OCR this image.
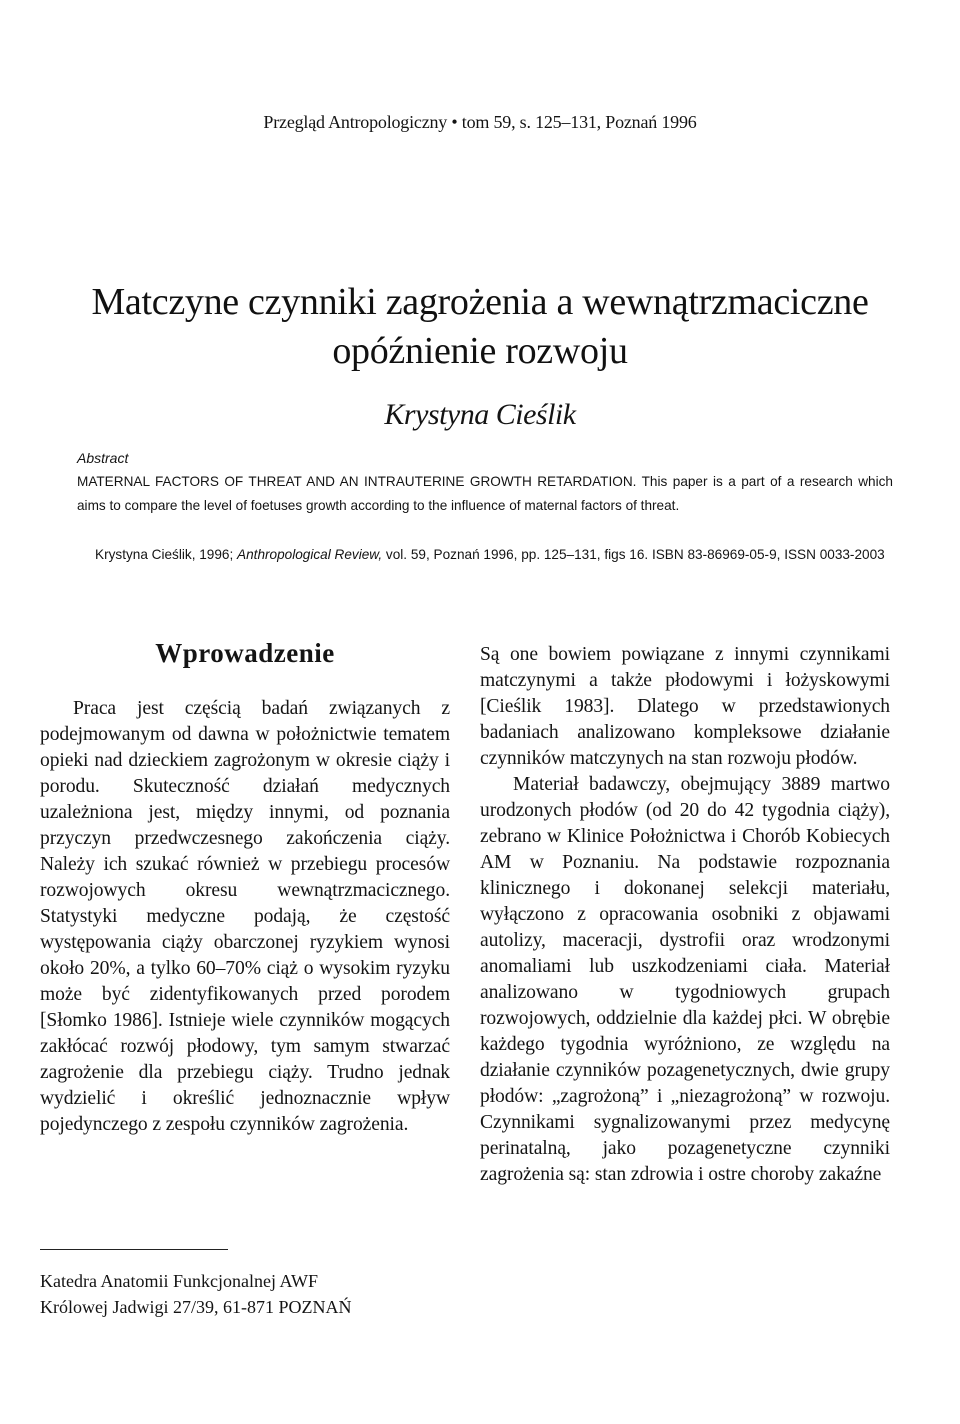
Przegląd Antropologiczny • tom 59, s. 125–131, Poznań 1996
Matczyne czynniki zagrożenia a wewnątrzmaciczne
opóźnienie rozwoju
Krystyna Cieślik
Abstract
MATERNAL FACTORS OF THREAT AND AN INTRAUTERINE GROWTH RETARDATION. This paper is a part of a research which aims to compare the level of foetuses growth according to the influence of maternal factors of threat.
Krystyna Cieślik, 1996; Anthropological Review, vol. 59, Poznań 1996, pp. 125–131, figs 16. ISBN 83-86969-05-9, ISSN 0033-2003
Wprowadzenie

Praca jest częścią badań związanych z podejmowanym od dawna w położnictwie tematem opieki nad dzieckiem zagrożonym w okresie ciąży i porodu. Skuteczność działań medycznych uzależniona jest, między innymi, od poznania przyczyn przedwczesnego zakończenia ciąży. Należy ich szukać również w przebiegu procesów rozwojowych okresu wewnątrzmacicznego. Statystyki medyczne podają, że częstość występowania ciąży obarczonej ryzykiem wynosi około 20%, a tylko 60–70% ciąż o wysokim ryzyku może być zidentyfikowanych przed porodem [Słomko 1986]. Istnieje wiele czynników mogących zakłócać rozwój płodowy, tym samym stwarzać zagrożenie dla przebiegu ciąży. Trudno jednak wydzielić i określić jednoznacznie wpływ pojedynczego z zespołu czynników zagrożenia.

Są one bowiem powiązane z innymi czynnikami matczynymi a także płodowymi i łożyskowymi [Cieślik 1983]. Dlatego w przedstawionych badaniach analizowano kompleksowe działanie czynników matczynych na stan rozwoju płodów.

Materiał badawczy, obejmujący 3889 martwo urodzonych płodów (od 20 do 42 tygodnia ciąży), zebrano w Klinice Położnictwa i Chorób Kobiecych AM w Poznaniu. Na podstawie rozpoznania klinicznego i dokonanej selekcji materiału, wyłączono z opracowania osobniki z objawami autolizy, maceracji, dystrofii oraz wrodzonymi anomaliami lub uszkodzeniami ciała. Materiał analizowano w tygodniowych grupach rozwojowych, oddzielnie dla każdej płci. W obrębie każdego tygodnia wyróżniono, ze względu na działanie czynników pozagenetycznych, dwie grupy płodów: „zagrożoną” i „niezagrożoną” w rozwoju. Czynnikami sygnalizowanymi przez medycynę perinatalną, jako pozagenetyczne czynniki zagrożenia są: stan zdrowia i ostre choroby zakaźne

Katedra Anatomii Funkcjonalnej AWF
Królowej Jadwigi 27/39, 61-871 POZNAŃ
